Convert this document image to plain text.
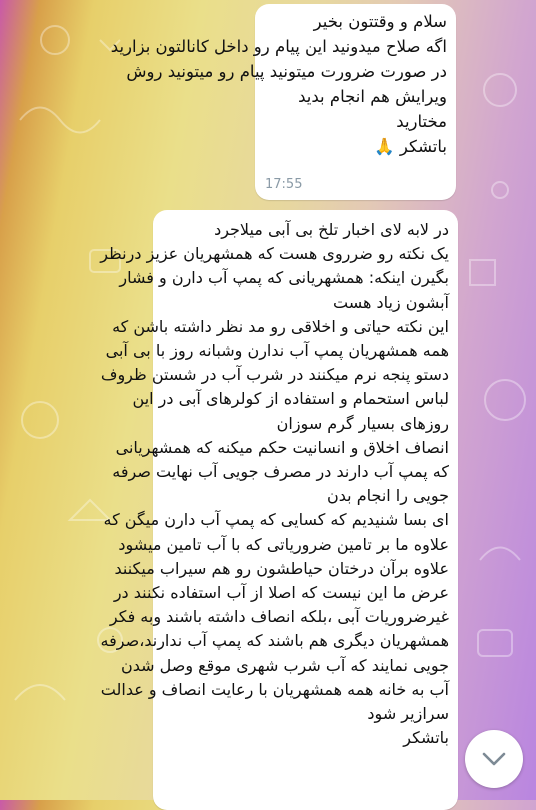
سلام و وقتتون بخیر
اگه صلاح میدونید این پیام رو داخل کانالتون بزارید
در صورت ضرورت میتونید پیام رو میتونید روش
ویرایش هم انجام بدید
مختارید
باتشکر 🙏
17:55
در لابه لای اخبار تلخ بی آبی میلاجرد
یک نکته رو ضرروی هست که همشهریان عزیز درنظر
بگیرن اینکه: همشهریانی که پمپ آب دارن و فشار
آبشون زیاد هست
این نکته حیاتی و اخلاقی رو مد نظر داشته باشن که
همه همشهریان پمپ آب ندارن وشبانه روز با بی آبی
دستو پنجه نرم میکنند در شرب آب در شستن ظروف
لباس استحمام و استفاده از کولرهای آبی در این
روزهای بسیار گرم سوزان
انصاف اخلاق و انسانیت حکم میکنه که همشهریانی
که پمپ آب دارند در مصرف جویی آب نهایت صرفه
جویی را انجام بدن
ای بسا شنیدیم که کسایی که پمپ آب دارن میگن که
علاوه ما بر تامین ضروریاتی که با آب تامین میشود
علاوه برآن درختان حیاطشون رو هم سیراب میکنند
عرض ما این نیست که اصلا از آب استفاده نکنند در
غیرضروریات آبی ،بلکه انصاف داشته باشند وبه فکر
همشهریان دیگری هم باشند که پمپ آب ندارند،صرفه
جویی نمایند که آب شرب شهری موقع وصل شدن
آب به خانه همه همشهریان با رعایت انصاف و عدالت
سرازیر شود
باتشکر
